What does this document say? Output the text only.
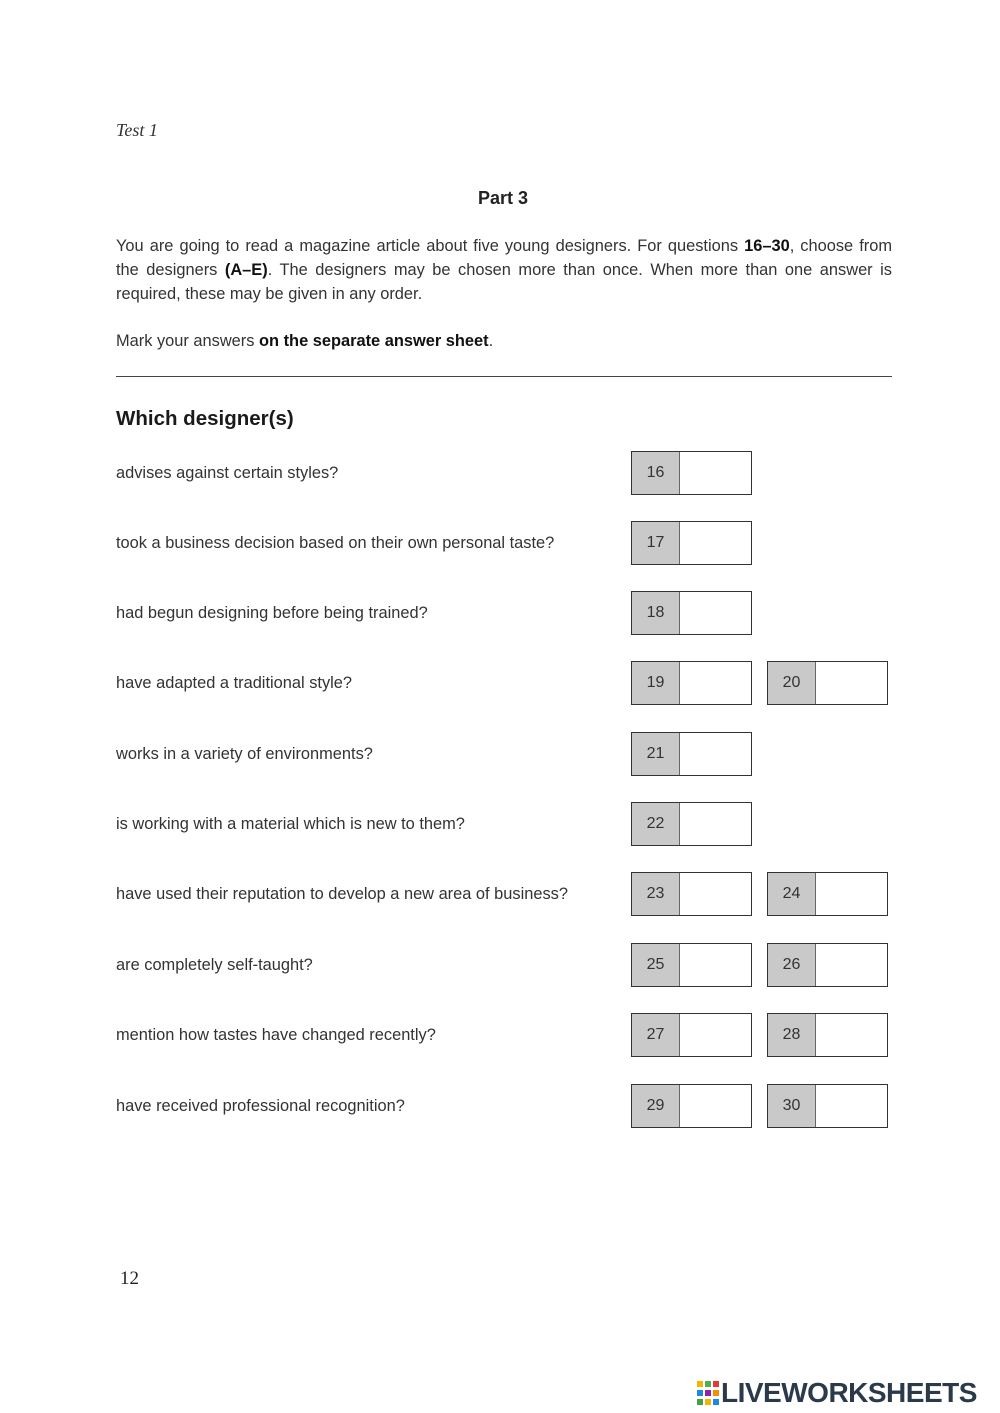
Test 1
Part 3
You are going to read a magazine article about five young designers. For questions 16–30, choose from the designers (A–E). The designers may be chosen more than once. When more than one answer is required, these may be given in any order.
Mark your answers on the separate answer sheet.
Which designer(s)
advises against certain styles?	16
took a business decision based on their own personal taste?	17
had begun designing before being trained?	18
have adapted a traditional style?	19	20
works in a variety of environments?	21
is working with a material which is new to them?	22
have used their reputation to develop a new area of business?	23	24
are completely self-taught?	25	26
mention how tastes have changed recently?	27	28
have received professional recognition?	29	30
12
LIVEWORKSHEETS
